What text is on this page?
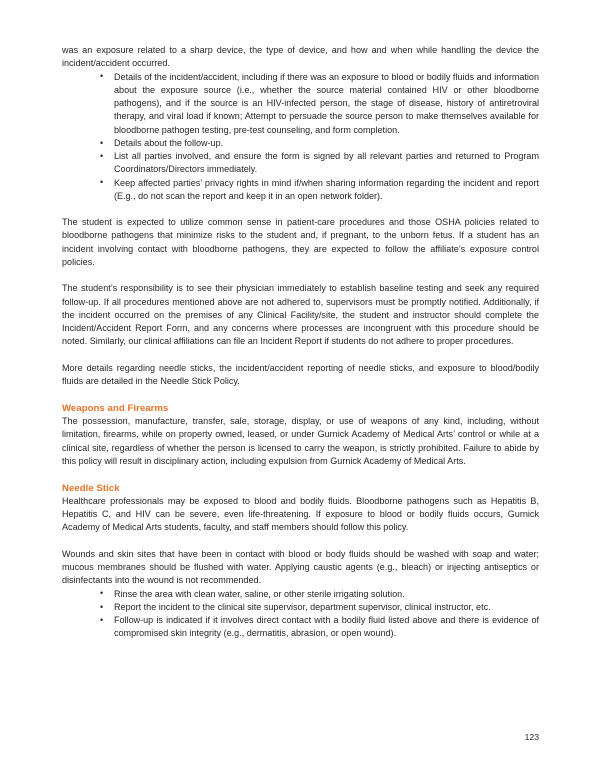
was an exposure related to a sharp device, the type of device, and how and when while handling the device the incident/accident occurred.

• Details of the incident/accident, including if there was an exposure to blood or bodily fluids and information about the exposure source (i.e., whether the source material contained HIV or other bloodborne pathogens), and if the source is an HIV-infected person, the stage of disease, history of antiretroviral therapy, and viral load if known; Attempt to persuade the source person to make themselves available for bloodborne pathogen testing, pre-test counseling, and form completion.
• Details about the follow-up.
• List all parties involved, and ensure the form is signed by all relevant parties and returned to Program Coordinators/Directors immediately.
• Keep affected parties’ privacy rights in mind if/when sharing information regarding the incident and report (E.g., do not scan the report and keep it in an open network folder).

The student is expected to utilize common sense in patient-care procedures and those OSHA policies related to bloodborne pathogens that minimize risks to the student and, if pregnant, to the unborn fetus. If a student has an incident involving contact with bloodborne pathogens, they are expected to follow the affiliate’s exposure control policies.

The student’s responsibility is to see their physician immediately to establish baseline testing and seek any required follow-up. If all procedures mentioned above are not adhered to, supervisors must be promptly notified. Additionally, if the incident occurred on the premises of any Clinical Facility/site, the student and instructor should complete the Incident/Accident Report Form, and any concerns where processes are incongruent with this procedure should be noted. Similarly, our clinical affiliations can file an Incident Report if students do not adhere to proper procedures.

More details regarding needle sticks, the incident/accident reporting of needle sticks, and exposure to blood/bodily fluids are detailed in the Needle Stick Policy.

Weapons and Firearms

The possession, manufacture, transfer, sale, storage, display, or use of weapons of any kind, including, without limitation, firearms, while on property owned, leased, or under Gurnick Academy of Medical Arts’ control or while at a clinical site, regardless of whether the person is licensed to carry the weapon, is strictly prohibited. Failure to abide by this policy will result in disciplinary action, including expulsion from Gurnick Academy of Medical Arts.

Needle Stick

Healthcare professionals may be exposed to blood and bodily fluids. Bloodborne pathogens such as Hepatitis B, Hepatitis C, and HIV can be severe, even life-threatening. If exposure to blood or bodily fluids occurs, Gurnick Academy of Medical Arts students, faculty, and staff members should follow this policy.

Wounds and skin sites that have been in contact with blood or body fluids should be washed with soap and water; mucous membranes should be flushed with water. Applying caustic agents (e.g., bleach) or injecting antiseptics or disinfectants into the wound is not recommended.

• Rinse the area with clean water, saline, or other sterile irrigating solution.
• Report the incident to the clinical site supervisor, department supervisor, clinical instructor, etc.
• Follow-up is indicated if it involves direct contact with a bodily fluid listed above and there is evidence of compromised skin integrity (e.g., dermatitis, abrasion, or open wound).
123
